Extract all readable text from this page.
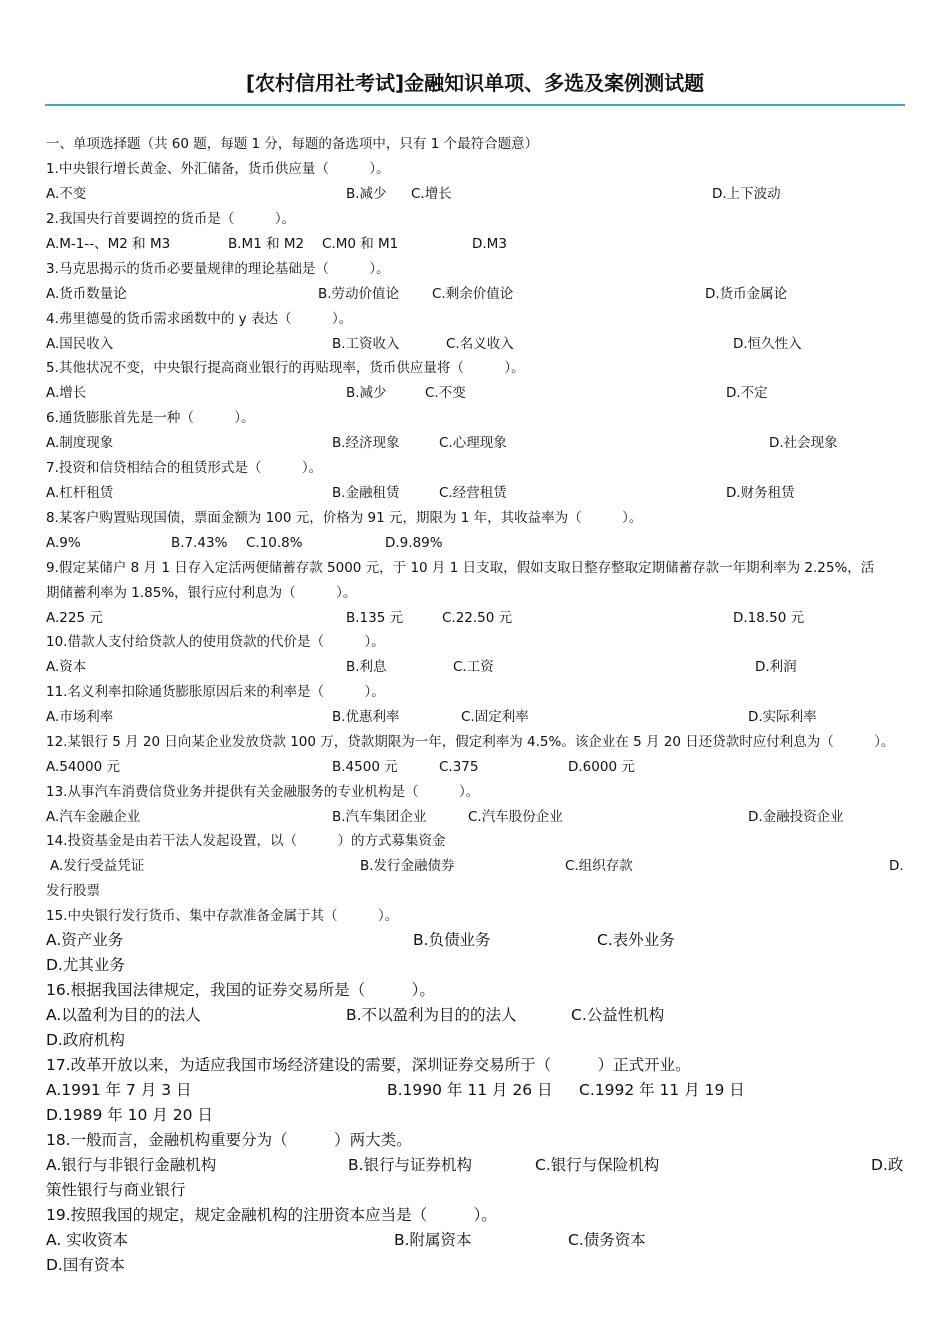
[农村信用社考试]金融知识单项、多选及案例测试题
一、单项选择题（共 60 题，每题 1 分，每题的备选项中，只有 1 个最符合题意）
1.中央银行增长黄金、外汇储备，货币供应量（　　　）。
A.不变	B.减少 C.增长	D.上下波动
2.我国央行首要调控的货币是（　　　）。
A.M-1--、M2 和 M3	B.M1 和 M2 C.M0 和 M1	D.M3
3.马克思揭示的货币必要量规律的理论基础是（　　　）。
A.货币数量论	B.劳动价值论 C.剩余价值论	D.货币金属论
4.弗里德曼的货币需求函数中的 y 表达（　　　）。
A.国民收入	B.工资收入	C.名义收入	D.恒久性入
5.其他状况不变，中央银行提高商业银行的再贴现率，货币供应量将（　　　）。
A.增长	B.减少	C.不变	D.不定
6.通货膨胀首先是一种（　　　）。
A.制度现象	B.经济现象	C.心理现象	D.社会现象
7.投资和信贷相结合的租赁形式是（　　　）。
A.杠杆租赁	B.金融租赁	C.经营租赁	D.财务租赁
8.某客户购置贴现国债，票面金额为 100 元，价格为 91 元，期限为 1 年，其收益率为（　　　）。
A.9%	B.7.43% C.10.8%	D.9.89%
9.假定某储户 8 月 1 日存入定活两便储蓄存款 5000 元，于 10 月 1 日支取，假如支取日整存整取定期储蓄存款一年期利率为 2.25%，活
期储蓄利率为 1.85%，银行应付利息为（　　　）。
A.225 元	B.135 元	C.22.50 元	D.18.50 元
10.借款人支付给贷款人的使用贷款的代价是（　　　）。
A.资本	B.利息	C.工资	D.利润
11.名义利率扣除通货膨胀原因后来的利率是（　　　）。
A.市场利率	B.优惠利率	C.固定利率	D.实际利率
12.某银行 5 月 20 日向某企业发放贷款 100 万，贷款期限为一年，假定利率为 4.5%。该企业在 5 月 20 日还贷款时应付利息为（　　　）。
A.54000 元	B.4500 元	C.375	D.6000 元
13.从事汽车消费信贷业务并提供有关金融服务的专业机构是（　　　）。
A.汽车金融企业	B.汽车集团企业	C.汽车股份企业	D.金融投资企业
14.投资基金是由若干法人发起设置，以（　　　）的方式募集资金
A.发行受益凭证	B.发行金融债券	C.组织存款	D.
发行股票
15.中央银行发行货币、集中存款准备金属于其（　　　）。
A.资产业务	B.负债业务	C.表外业务
D.尤其业务
16.根据我国法律规定，我国的证券交易所是（　　　）。
A.以盈利为目的的法人	B.不以盈利为目的的法人	C.公益性机构
D.政府机构
17.改革开放以来，为适应我国市场经济建设的需要，深圳证券交易所于（　　　）正式开业。
A.1991 年 7 月 3 日	B.1990 年 11 月 26 日 C.1992 年 11 月 19 日
D.1989 年 10 月 20 日
18.一般而言，金融机构重要分为（　　　）两大类。
A.银行与非银行金融机构	B.银行与证券机构	C.银行与保险机构	D.政
策性银行与商业银行
19.按照我国的规定，规定金融机构的注册资本应当是（　　　）。
A. 实收资本	B.附属资本	C.债务资本
D.国有资本
